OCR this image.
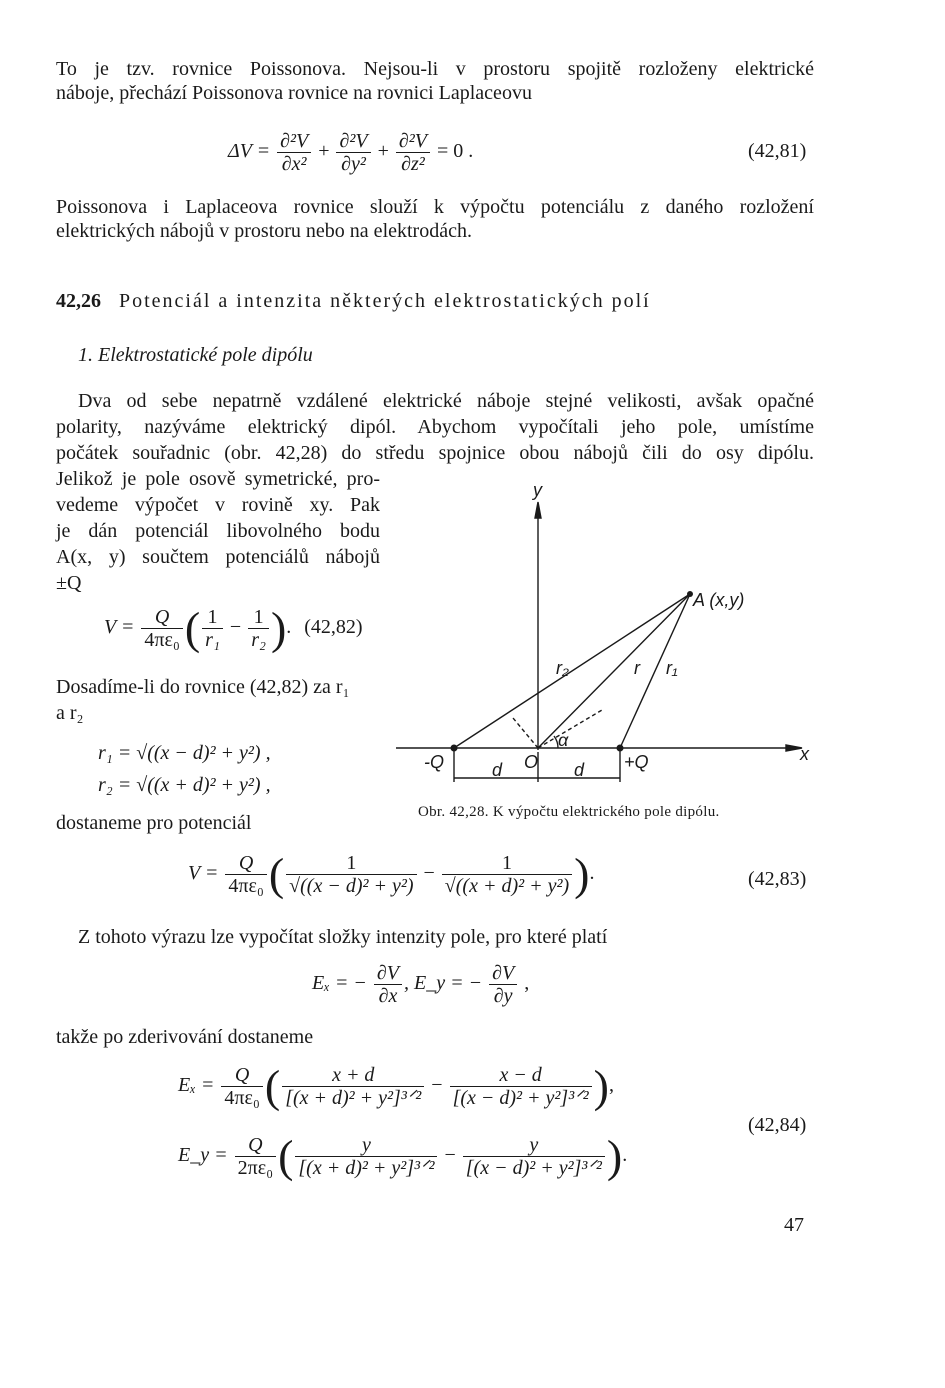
To je tzv. rovnice Poissonova. Nejsou-li v prostoru spojitě rozloženy elektrické
náboje, přechází Poissonova rovnice na rovnici Laplaceovu
$\Delta V = \frac{\text{∂²V}}{\text{∂x²}} + \frac{\text{∂²V}}{\text{∂y²}} + \frac{\text{∂²V}}{\text{∂z²}} = 0$ .	(42,81)
Poissonova i Laplaceova rovnice slouží k výpočtu potenciálu z daného rozložení
elektrických nábojů v prostoru nebo na elektrodách.
42,26 Potenciál a intenzita některých elektrostatických polí
1. Elektrostatické pole dipólu
Dva od sebe nepatrně vzdálené elektrické náboje stejné velikosti, avšak opačné
polarity, nazýváme elektrický dipól. Abychom vypočítali jeho pole, umístíme
počátek souřadnic (obr. 42,28) do středu spojnice obou nábojů čili do osy dipólu.
Jelikož je pole osově symetrické, pro-
vedeme výpočet v rovině xy. Pak
je dán potenciál libovolného bodu
A(x, y) součtem potenciálů nábojů
±Q
$V = \frac{Q}{\text{4πε₀}}$ ( $\frac{1}{\text{r₁}} - \frac{1}{\text{r₂}}$ ). (42,82)
Dosadíme-li do rovnice (42,82) za r₁
a r₂
r₁ = √((x − d)² + y²) ,
r₂ = √((x + d)² + y²) ,
dostaneme pro potenciál
y
x
A (x,y)
r₂	r r₁
α
-Q	+Q
O
d	d
Obr. 42,28. K výpočtu elektrického pole dipólu.
$V = \frac{Q}{\text{4πε₀}}$ ( $\frac{1}{\text{√((x − d)² + y²)}} - \frac{1}{\text{√((x + d)² + y²)}}$ ).	(42,83)
Z tohoto výrazu lze vypočítat složky intenzity pole, pro které platí
Eₓ = − $\frac{\partial V}{\partial x}$ , E_y = − $\frac{\partial V}{\partial y}$ ,
takže po zderivování dostaneme
$E_x = \frac{Q}{\text{4πε₀}}$ ( $\frac{x + d}{\text{[(x + d)² + y²]³ᐟ²}} - \frac{x - d}{\text{[(x − d)² + y²]³ᐟ²}}$ ),
E_y = $\frac{Q}{\text{2πε₀}}$ ( $\frac{y}{\text{[(x + d)² + y²]³ᐟ²}} - \frac{y}{\text{[(x − d)² + y²]³ᐟ²}}$ ).
(42,84)
47
